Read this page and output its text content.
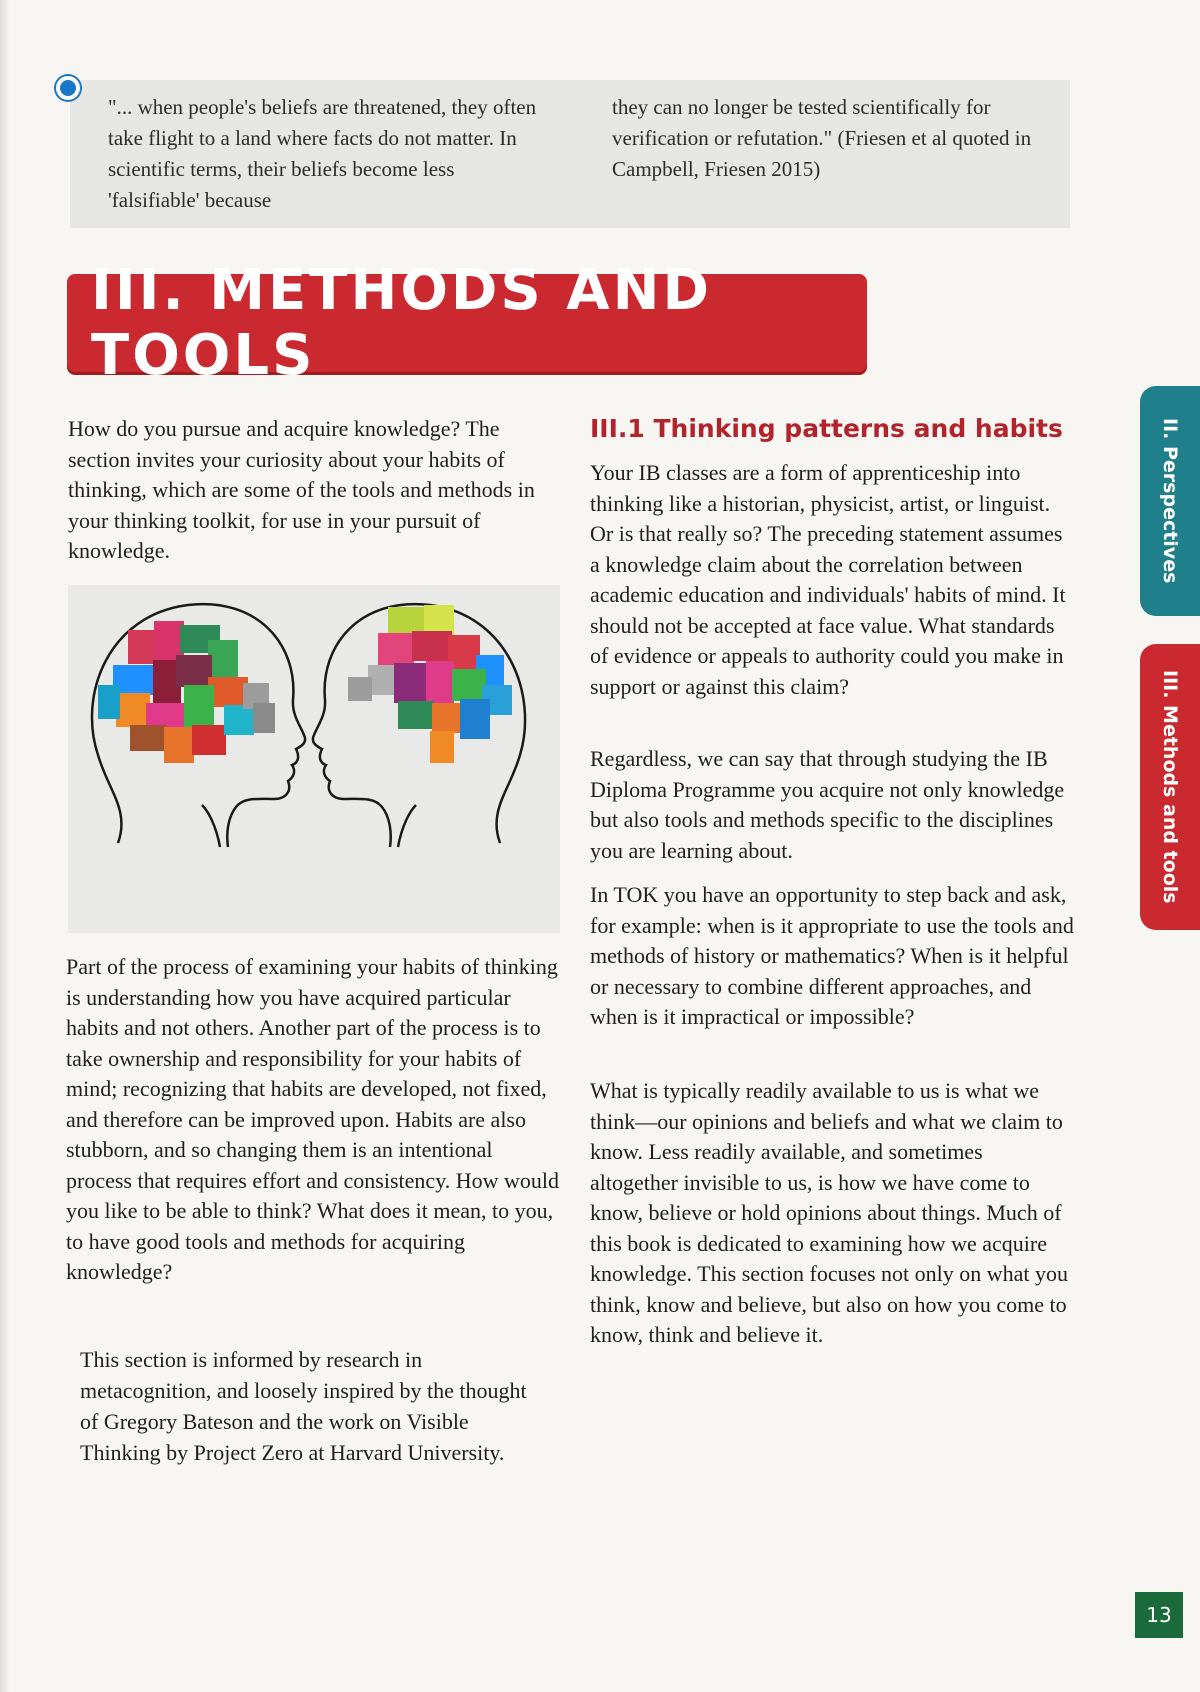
"... when people's beliefs are threatened, they often take flight to a land where facts do not matter. In scientific terms, their beliefs become less 'falsifiable' because
they can no longer be tested scientifically for verification or refutation." (Friesen et al quoted in Campbell, Friesen 2015)
III. METHODS AND TOOLS

How do you pursue and acquire knowledge? The section invites your curiosity about your habits of thinking, which are some of the tools and methods in your thinking toolkit, for use in your pursuit of knowledge.

Part of the process of examining your habits of thinking is understanding how you have acquired particular habits and not others. Another part of the process is to take ownership and responsibility for your habits of mind; recognizing that habits are developed, not fixed, and therefore can be improved upon. Habits are also stubborn, and so changing them is an intentional process that requires effort and consistency. How would you like to be able to think? What does it mean, to you, to have good tools and methods for acquiring knowledge?

This section is informed by research in metacognition, and loosely inspired by the thought of Gregory Bateson and the work on Visible Thinking by Project Zero at Harvard University.

III.1 Thinking patterns and habits

Your IB classes are a form of apprenticeship into thinking like a historian, physicist, artist, or linguist. Or is that really so? The preceding statement assumes a knowledge claim about the correlation between academic education and individuals' habits of mind. It should not be accepted at face value. What standards of evidence or appeals to authority could you make in support or against this claim?

Regardless, we can say that through studying the IB Diploma Programme you acquire not only knowledge but also tools and methods specific to the disciplines you are learning about.

In TOK you have an opportunity to step back and ask, for example: when is it appropriate to use the tools and methods of history or mathematics? When is it helpful or necessary to combine different approaches, and when is it impractical or impossible?

What is typically readily available to us is what we think—our opinions and beliefs and what we claim to know. Less readily available, and sometimes altogether invisible to us, is how we have come to know, believe or hold opinions about things. Much of this book is dedicated to examining how we acquire knowledge. This section focuses not only on what you think, know and believe, but also on how you come to know, think and believe it.

II. Perspectives
III. Methods and tools
13
